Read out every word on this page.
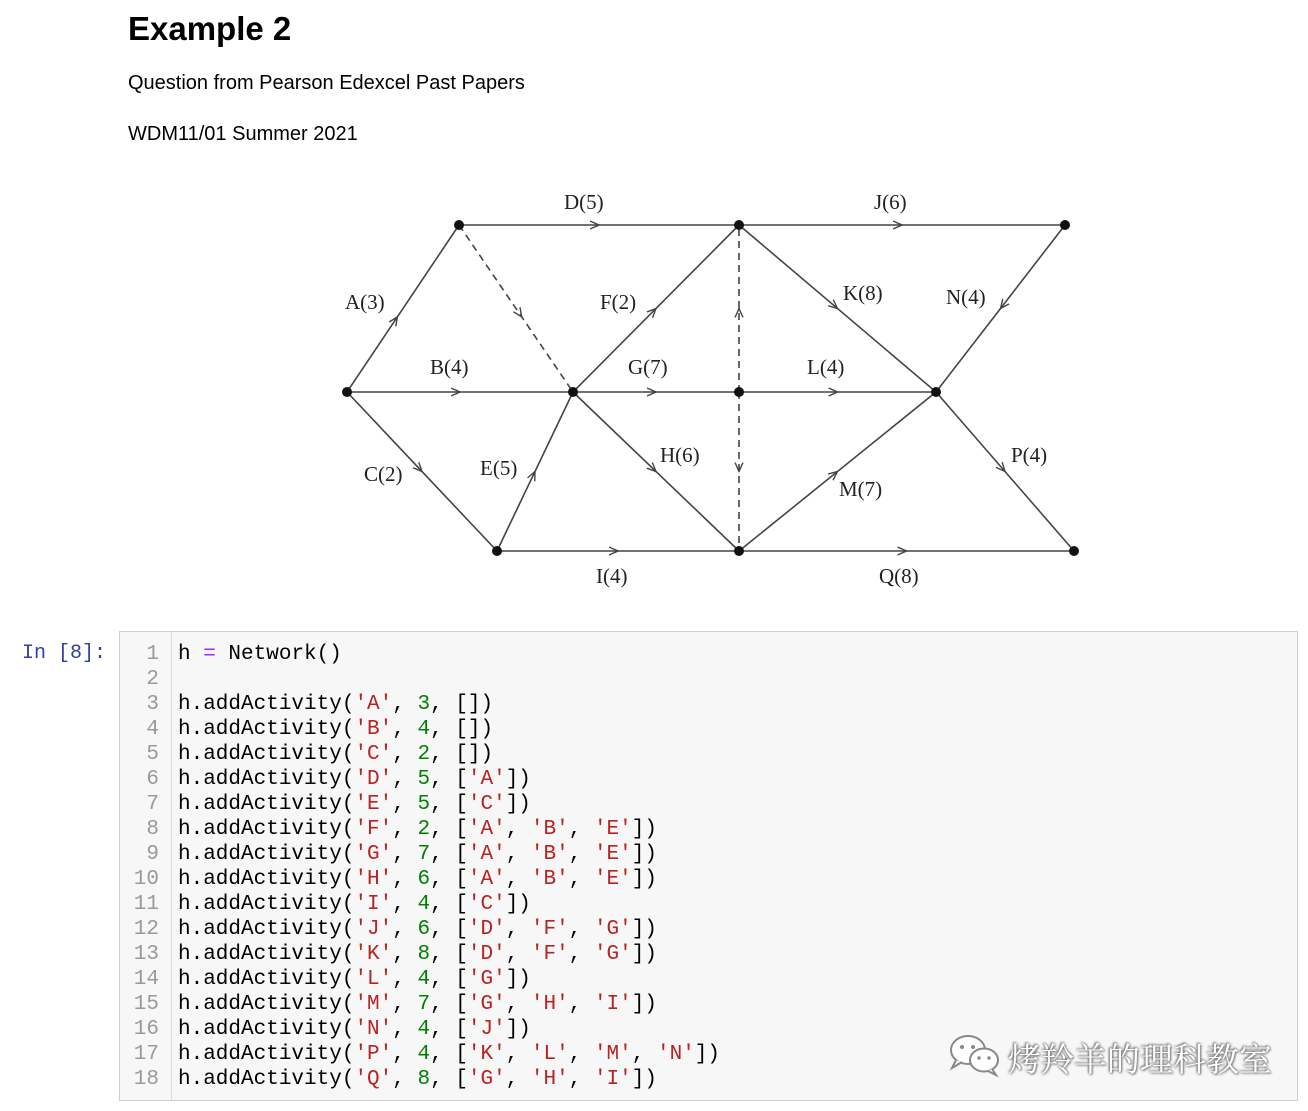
Example 2

Question from Pearson Edexcel Past Papers

WDM11/01 Summer 2021

D(5)	J(6)
A(3)	F(2)	K(8)	N(4)
B(4)	G(7)	L(4)
C(2)	E(5)
H(6)	P(4)
M(7)
I(4)	Q(8)
In [8]: 1
2
3
4
5
6
7
8
9
10
11
12
13
14
15
16
17
18
h = Network()
h.addActivity('A', 3, [])
h.addActivity('B', 4, [])
h.addActivity('C', 2, [])
h.addActivity('D', 5, ['A'])
h.addActivity('E', 5, ['C'])
h.addActivity('F', 2, ['A', 'B', 'E'])
h.addActivity('G', 7, ['A', 'B', 'E'])
h.addActivity('H', 6, ['A', 'B', 'E'])
h.addActivity('I', 4, ['C'])
h.addActivity('J', 6, ['D', 'F', 'G'])
h.addActivity('K', 8, ['D', 'F', 'G'])
h.addActivity('L', 4, ['G'])
h.addActivity('M', 7, ['G', 'H', 'I'])
h.addActivity('N', 4, ['J'])
h.addActivity('P', 4, ['K', 'L', 'M', 'N'])
h.addActivity('Q', 8, ['G', 'H', 'I'])
烤羚羊的理科教室
